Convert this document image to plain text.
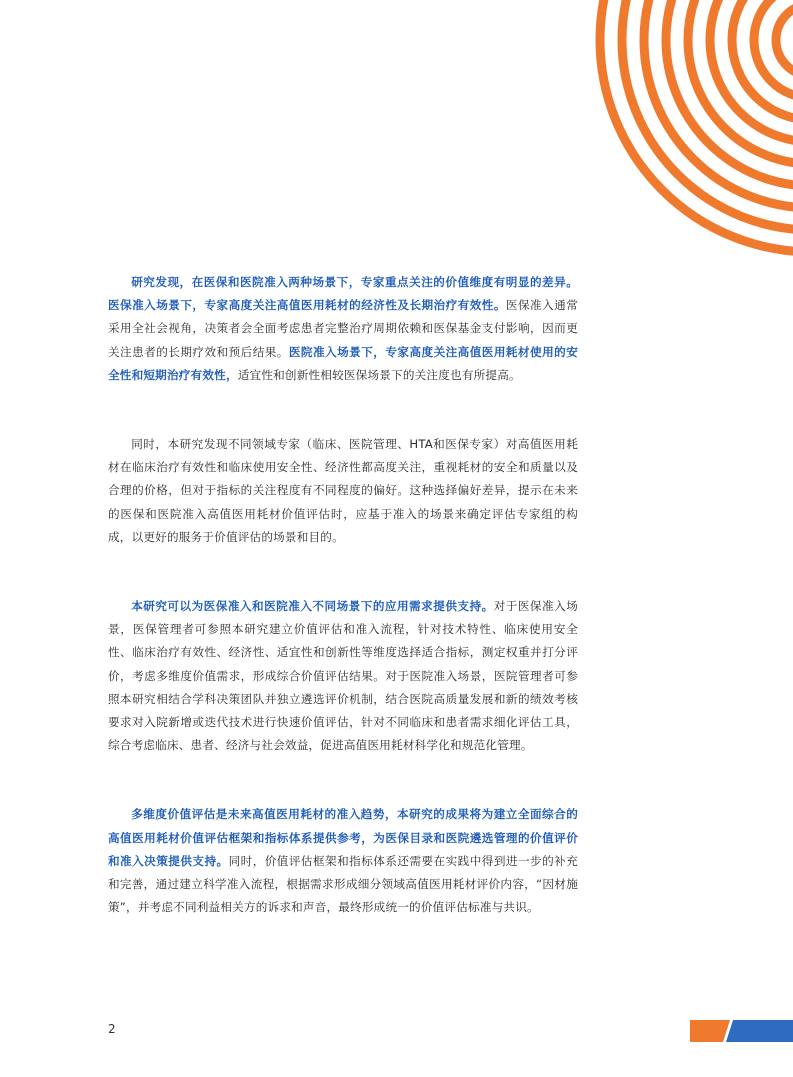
研究发现，在医保和医院准入两种场景下，专家重点关注的价值维度有明显的差异。医保准入场景下，专家高度关注高值医用耗材的经济性及长期治疗有效性。医保准入通常采用全社会视角，决策者会全面考虑患者完整治疗周期依赖和医保基金支付影响，因而更关注患者的长期疗效和预后结果。医院准入场景下，专家高度关注高值医用耗材使用的安全性和短期治疗有效性，适宜性和创新性相较医保场景下的关注度也有所提高。

同时，本研究发现不同领域专家（临床、医院管理、HTA和医保专家）对高值医用耗材在临床治疗有效性和临床使用安全性、经济性都高度关注，重视耗材的安全和质量以及合理的价格，但对于指标的关注程度有不同程度的偏好。这种选择偏好差异，提示在未来的医保和医院准入高值医用耗材价值评估时，应基于准入的场景来确定评估专家组的构成，以更好的服务于价值评估的场景和目的。

本研究可以为医保准入和医院准入不同场景下的应用需求提供支持。对于医保准入场景，医保管理者可参照本研究建立价值评估和准入流程，针对技术特性、临床使用安全性、临床治疗有效性、经济性、适宜性和创新性等维度选择适合指标，测定权重并打分评价，考虑多维度价值需求，形成综合价值评估结果。对于医院准入场景，医院管理者可参照本研究相结合学科决策团队并独立遴选评价机制，结合医院高质量发展和新的绩效考核要求对入院新增或迭代技术进行快速价值评估，针对不同临床和患者需求细化评估工具，综合考虑临床、患者、经济与社会效益，促进高值医用耗材科学化和规范化管理。

多维度价值评估是未来高值医用耗材的准入趋势，本研究的成果将为建立全面综合的高值医用耗材价值评估框架和指标体系提供参考，为医保目录和医院遴选管理的价值评价和准入决策提供支持。同时，价值评估框架和指标体系还需要在实践中得到进一步的补充和完善，通过建立科学准入流程，根据需求形成细分领域高值医用耗材评价内容，“因材施策”，并考虑不同利益相关方的诉求和声音，最终形成统一的价值评估标准与共识。

2
